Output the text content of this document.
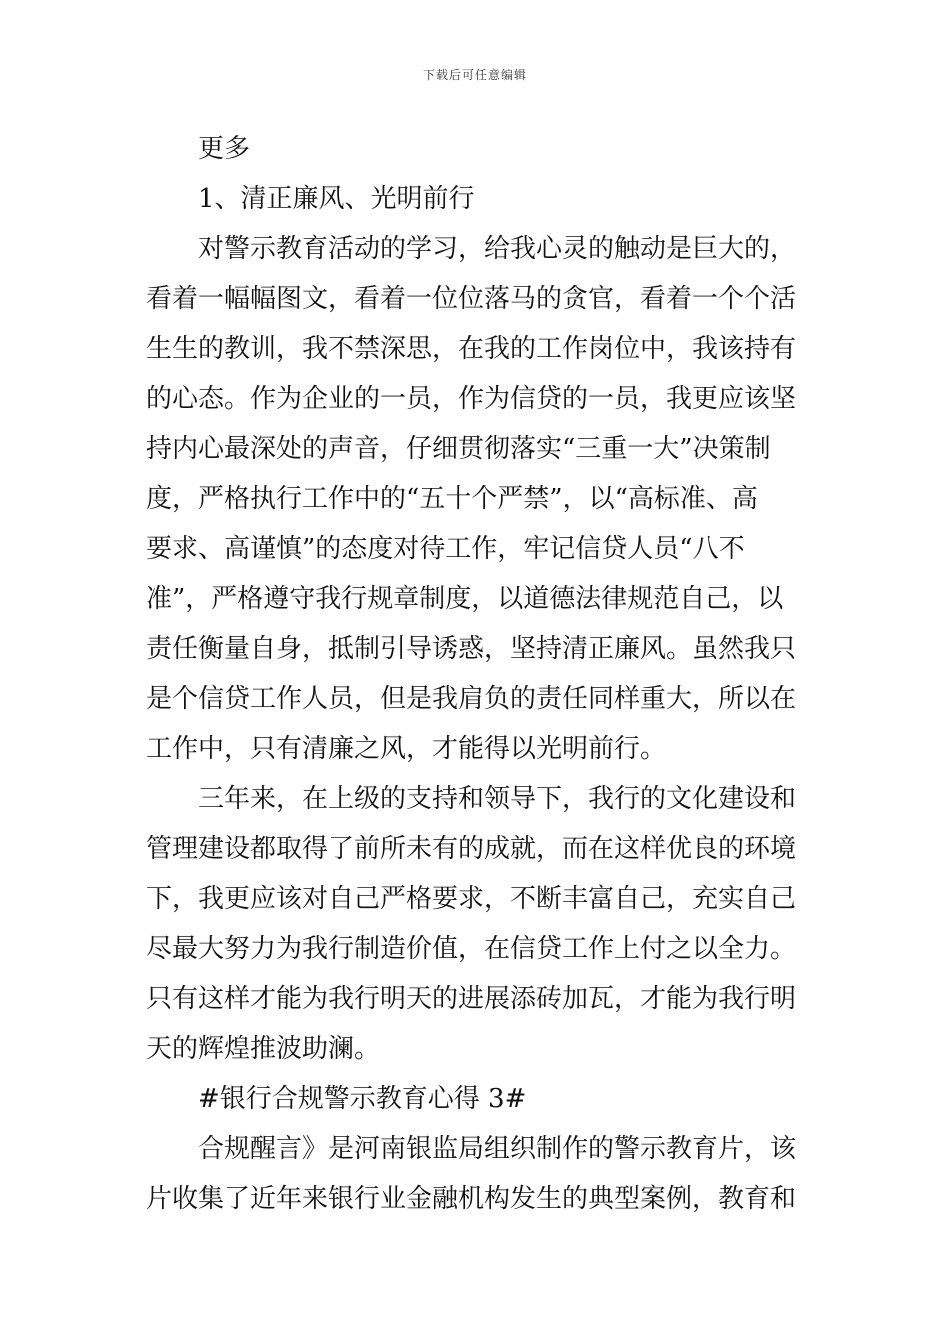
下载后可任意编辑
更多
1、清正廉风、光明前行
对警示教育活动的学习，给我心灵的触动是巨大的，
看着一幅幅图文，看着一位位落马的贪官，看着一个个活
生生的教训，我不禁深思，在我的工作岗位中，我该持有
的心态。作为企业的一员，作为信贷的一员，我更应该坚
持内心最深处的声音，仔细贯彻落实“三重一大”决策制
度，严格执行工作中的“五十个严禁”，以“高标准、高
要求、高谨慎”的态度对待工作，牢记信贷人员“八不
准”，严格遵守我行规章制度，以道德法律规范自己，以
责任衡量自身，抵制引导诱惑，坚持清正廉风。虽然我只
是个信贷工作人员，但是我肩负的责任同样重大，所以在
工作中，只有清廉之风，才能得以光明前行。
三年来，在上级的支持和领导下，我行的文化建设和
管理建设都取得了前所未有的成就，而在这样优良的环境
下，我更应该对自己严格要求，不断丰富自己，充实自己
尽最大努力为我行制造价值，在信贷工作上付之以全力。
只有这样才能为我行明天的进展添砖加瓦，才能为我行明
天的辉煌推波助澜。
#银行合规警示教育心得 3#
合规醒言》是河南银监局组织制作的警示教育片，该
片收集了近年来银行业金融机构发生的典型案例，教育和
